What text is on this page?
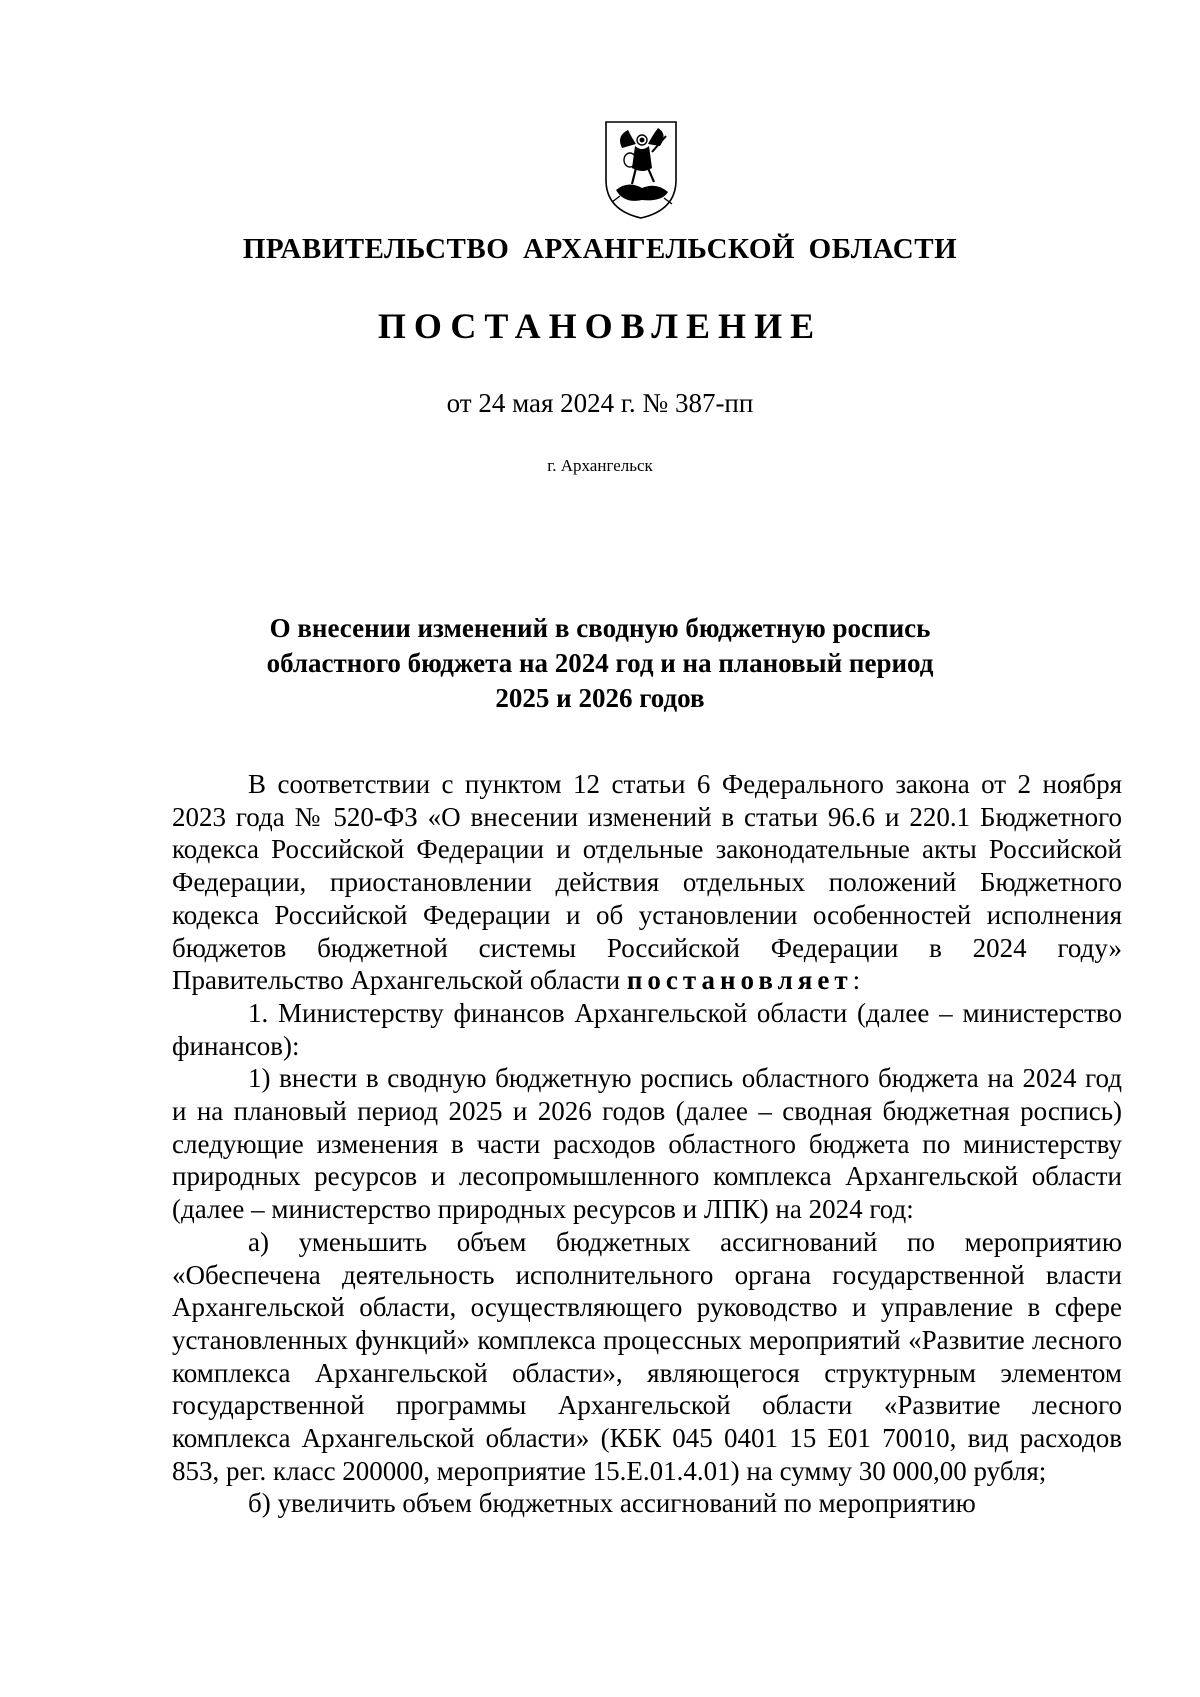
ПРАВИТЕЛЬСТВО АРХАНГЕЛЬСКОЙ ОБЛАСТИ
ПОСТАНОВЛЕНИЕ
от 24 мая 2024 г. № 387-пп
г. Архангельск
О внесении изменений в сводную бюджетную роспись
областного бюджета на 2024 год и на плановый период
2025 и 2026 годов

В соответствии с пунктом 12 статьи 6 Федерального закона от 2 ноября 2023 года № 520-ФЗ «О внесении изменений в статьи 96.6 и 220.1 Бюджетного кодекса Российской Федерации и отдельные законодательные акты Российской Федерации, приостановлении действия отдельных положений Бюджетного кодекса Российской Федерации и об установлении особенностей исполнения бюджетов бюджетной системы Российской Федерации в 2024 году» Правительство Архангельской области постановляет:

1. Министерству финансов Архангельской области (далее – министерство финансов):

1) внести в сводную бюджетную роспись областного бюджета на 2024 год и на плановый период 2025 и 2026 годов (далее – сводная бюджетная роспись) следующие изменения в части расходов областного бюджета по министерству природных ресурсов и лесопромышленного комплекса Архангельской области (далее – министерство природных ресурсов и ЛПК) на 2024 год:

а) уменьшить объем бюджетных ассигнований по мероприятию «Обеспечена деятельность исполнительного органа государственной власти Архангельской области, осуществляющего руководство и управление в сфере установленных функций» комплекса процессных мероприятий «Развитие лесного комплекса Архангельской области», являющегося структурным элементом государственной программы Архангельской области «Развитие лесного комплекса Архангельской области» (КБК 045 0401 15 Е01 70010, вид расходов 853, рег. класс 200000, мероприятие 15.Е.01.4.01) на сумму 30 000,00 рубля;

б) увеличить объем бюджетных ассигнований по мероприятию
